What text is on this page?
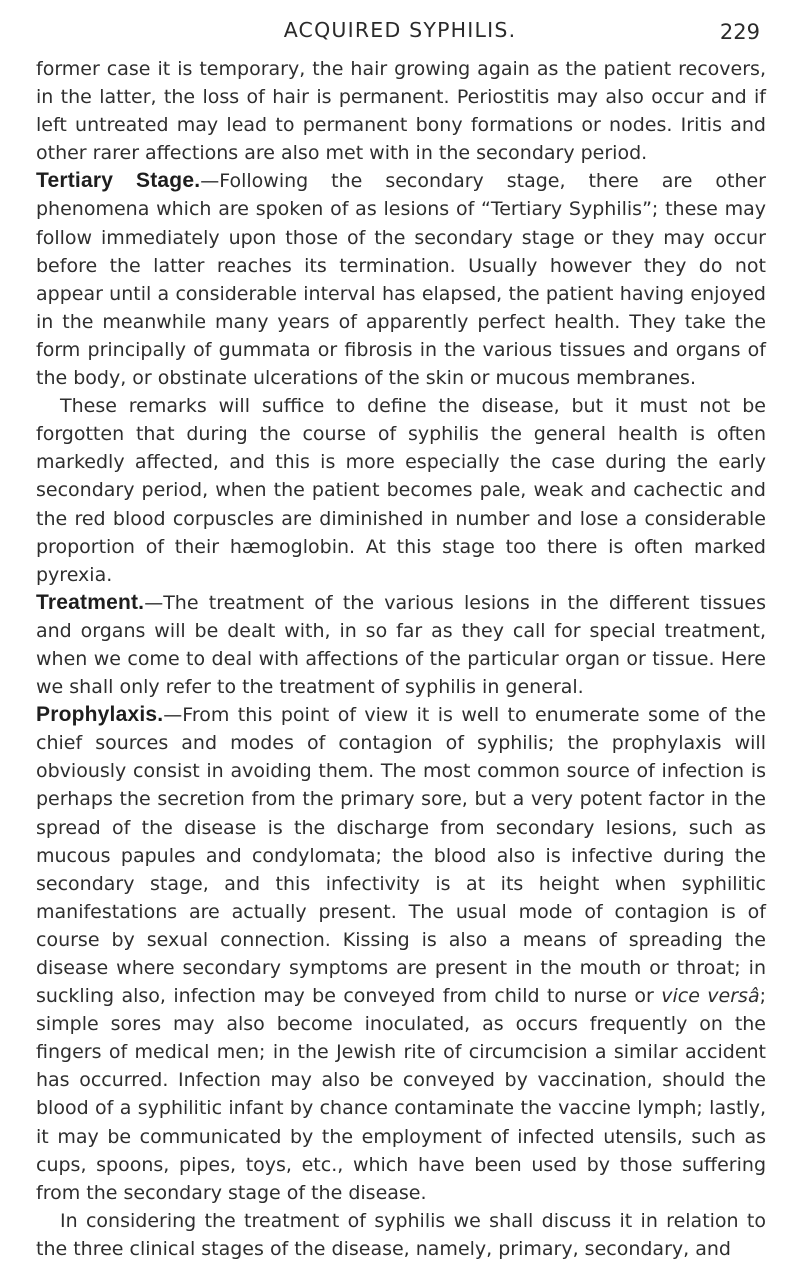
ACQUIRED SYPHILIS.	229

former case it is temporary, the hair growing again as the patient recovers, in the latter, the loss of hair is permanent. Periostitis may also occur and if left untreated may lead to permanent bony formations or nodes. Iritis and other rarer affections are also met with in the secondary period.

Tertiary Stage.—Following the secondary stage, there are other phenomena which are spoken of as lesions of “Tertiary Syphilis”; these may follow immediately upon those of the secondary stage or they may occur before the latter reaches its termination. Usually however they do not appear until a considerable interval has elapsed, the patient having enjoyed in the meanwhile many years of apparently perfect health. They take the form principally of gummata or fibrosis in the various tissues and organs of the body, or obstinate ulcerations of the skin or mucous membranes.

These remarks will suffice to define the disease, but it must not be forgotten that during the course of syphilis the general health is often markedly affected, and this is more especially the case during the early secondary period, when the patient becomes pale, weak and cachectic and the red blood corpuscles are diminished in number and lose a considerable proportion of their hæmoglobin. At this stage too there is often marked pyrexia.

Treatment.—The treatment of the various lesions in the different tissues and organs will be dealt with, in so far as they call for special treatment, when we come to deal with affections of the particular organ or tissue. Here we shall only refer to the treatment of syphilis in general.

Prophylaxis.—From this point of view it is well to enumerate some of the chief sources and modes of contagion of syphilis; the prophylaxis will obviously consist in avoiding them. The most common source of infection is perhaps the secretion from the primary sore, but a very potent factor in the spread of the disease is the discharge from secondary lesions, such as mucous papules and condylomata; the blood also is infective during the secondary stage, and this infectivity is at its height when syphilitic manifestations are actually present. The usual mode of contagion is of course by sexual connection. Kissing is also a means of spreading the disease where secondary symptoms are present in the mouth or throat; in suckling also, infection may be conveyed from child to nurse or vice versâ; simple sores may also become inoculated, as occurs frequently on the fingers of medical men; in the Jewish rite of circumcision a similar accident has occurred. Infection may also be conveyed by vaccination, should the blood of a syphilitic infant by chance contaminate the vaccine lymph; lastly, it may be communicated by the employment of infected utensils, such as cups, spoons, pipes, toys, etc., which have been used by those suffering from the secondary stage of the disease.

In considering the treatment of syphilis we shall discuss it in relation to the three clinical stages of the disease, namely, primary, secondary, and
